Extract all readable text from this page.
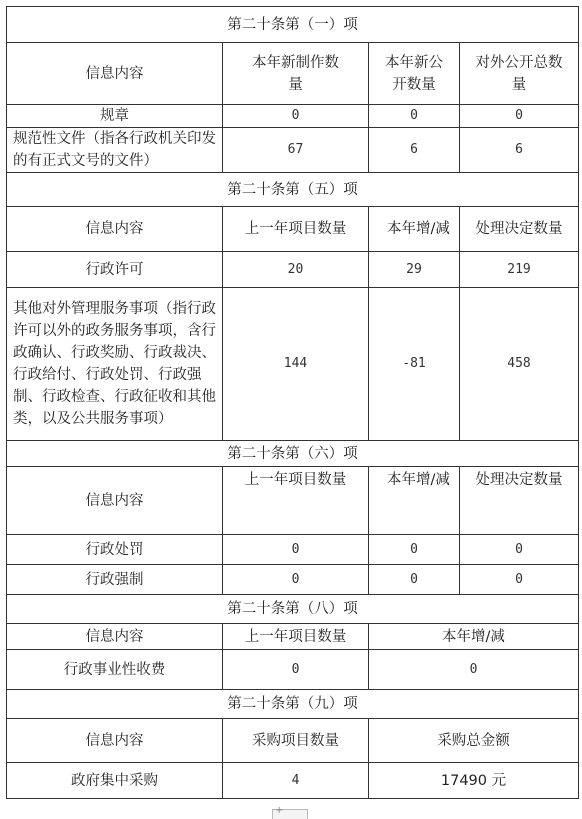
第二十条第（一）项			
信息内容	本年新制作数量	本年新公开数量	对外公开总数量

规章	0	0	0

规范性文件（指各行政机关印发的有正式文号的文件）	67	6	6
第二十条第（五）项			
信息内容	上一年项目数量	本年增/减	处理决定数量

行政许可	20	29	219

其他对外管理服务事项（指行政许可以外的政务服务事项，含行政确认、行政奖励、行政裁决、行政给付、行政处罚、行政强制、行政检查、行政征收和其他类，以及公共服务事项）	144	-81	458
第二十条第（六）项			
信息内容	上一年项目数量	本年增/减	处理决定数量

行政处罚	0	0	0
行政强制	0	0	0
第二十条第（八）项			
信息内容	上一年项目数量	本年增/减	
行政事业性收费	0	0	
第二十条第（九）项			
信息内容	采购项目数量	采购总金额	
政府集中采购	4	17490 元	
+
